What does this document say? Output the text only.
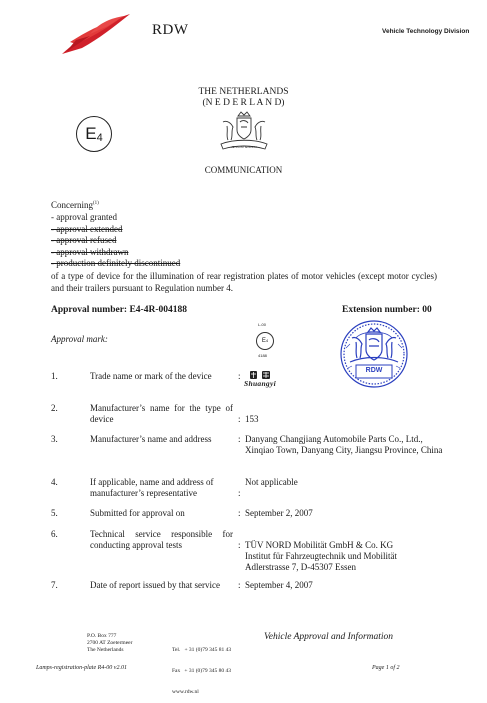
RDW	Vehicle Technology Division
THE NETHERLANDS
(N E D E R L A N D)
E4
JE MAINTIENDRAI
COMMUNICATION
Concerning$^{(1)}$
- approval granted
- approval extended
- approval refused
- approval withdrawn
- production definitely discontinued
of a type of device for the illumination of rear registration plates of motor vehicles (except motor cycles) and their trailers pursuant to Regulation number 4.
Approval number: E4-4R-004188	Extension number: 00
Approval mark:
L-00
E4
4188
RDW
Shuangyi
1.	Trade name or mark of the device	:
2.	Manufacturer’s name for the type of device	: 153
3.	Manufacturer’s name and address	: Danyang Changjiang Automobile Parts Co., Ltd., Xinqiao Town, Danyang City, Jiangsu Province, China
4.	If applicable, name and address of manufacturer’s representative	:
Not applicable
5.	Submitted for approval on	: September 2, 2007
6.	Technical service responsible for conducting approval tests	: TÜV NORD Mobilität GmbH & Co. KG
Institut für Fahrzeugtechnik und Mobilität
Adlerstrasse 7, D-45307 Essen
7.	Date of report issued by that service	: September 4, 2007
P.O. Box 777
2700 AT Zoetermeer
The Netherlands

	Tel.   + 31 (0)79 345 81 43

Fax   + 31 (0)79 345 80 43

www.rdw.nl

Vehicle Approval and Information
Lamps-registration-plate R4-00 v2.01	Page 1 of 2
